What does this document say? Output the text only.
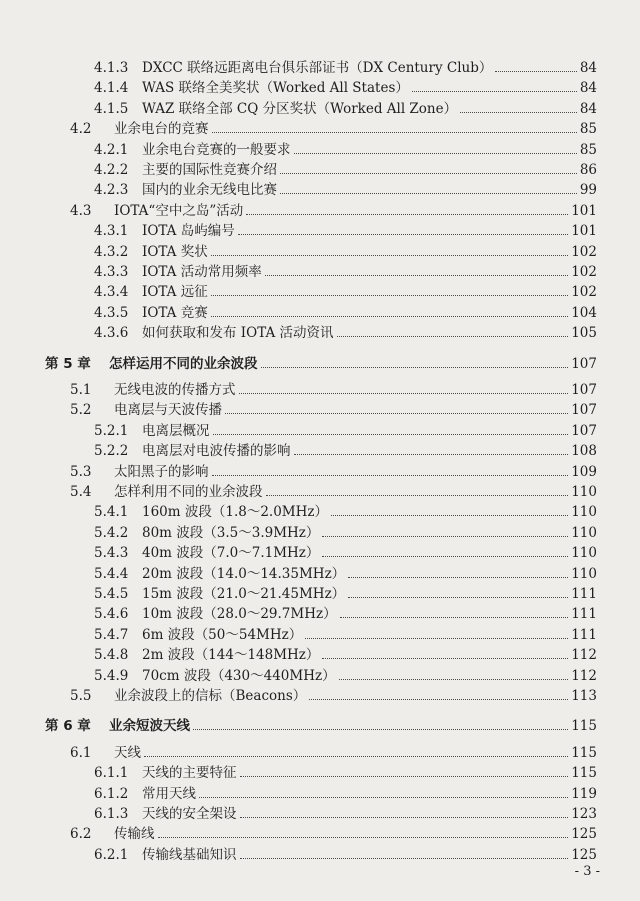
4.1.3	DXCC 联络远距离电台俱乐部证书（DX Century Club）	84
4.1.4	WAS 联络全美奖状（Worked All States）	84
4.1.5	WAZ 联络全部 CQ 分区奖状（Worked All Zone）	84
4.2	业余电台的竞赛	85
4.2.1	业余电台竞赛的一般要求	85
4.2.2	主要的国际性竞赛介绍	86
4.2.3	国内的业余无线电比赛	99
4.3	IOTA“空中之岛”活动	101
4.3.1	IOTA 岛屿编号	101
4.3.2	IOTA 奖状	102
4.3.3	IOTA 活动常用频率	102
4.3.4	IOTA 远征	102
4.3.5	IOTA 竞赛	104
4.3.6	如何获取和发布 IOTA 活动资讯	105
第 5 章	怎样运用不同的业余波段	107
5.1	无线电波的传播方式	107
5.2	电离层与天波传播	107
5.2.1	电离层概况	107
5.2.2	电离层对电波传播的影响	108
5.3	太阳黑子的影响	109
5.4	怎样利用不同的业余波段	110
5.4.1	160m 波段（1.8～2.0MHz）	110
5.4.2	80m 波段（3.5～3.9MHz）	110
5.4.3	40m 波段（7.0～7.1MHz）	110
5.4.4	20m 波段（14.0～14.35MHz）	110
5.4.5	15m 波段（21.0～21.45MHz）	111
5.4.6	10m 波段（28.0～29.7MHz）	111
5.4.7	6m 波段（50～54MHz）	111
5.4.8	2m 波段（144～148MHz）	112
5.4.9	70cm 波段（430～440MHz）	112
5.5	业余波段上的信标（Beacons）	113
第 6 章	业余短波天线	115
6.1	天线	115
6.1.1	天线的主要特征	115
6.1.2	常用天线	119
6.1.3	天线的安全架设	123
6.2	传输线	125
6.2.1	传输线基础知识	125
- 3 -
